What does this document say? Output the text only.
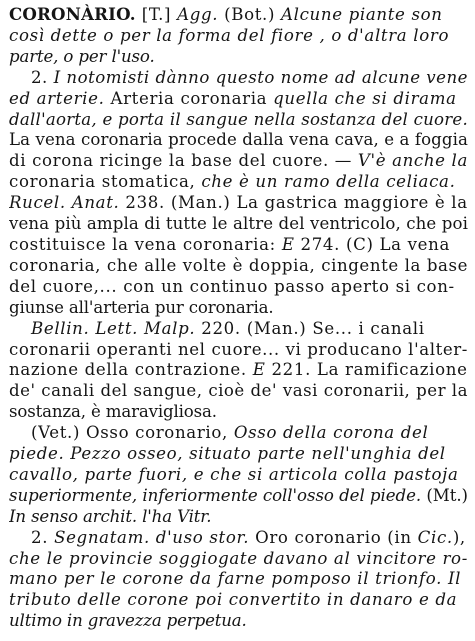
CORONÀRIO. [T.] Agg. (Bot.) Alcune piante son
così dette o per la forma del fiore , o d'altra loro
parte, o per l'uso.
2. I notomisti dànno questo nome ad alcune vene
ed arterie. Arteria coronaria quella che si dirama
dall'aorta, e porta il sangue nella sostanza del cuore.
La vena coronaria procede dalla vena cava, e a foggia
di corona ricinge la base del cuore. — V'è anche la
coronaria stomatica, che è un ramo della celiaca.
Rucel. Anat. 238. (Man.) La gastrica maggiore è la
vena più ampla di tutte le altre del ventricolo, che poi
costituisce la vena coronaria: E 274. (C) La vena
coronaria, che alle volte è doppia, cingente la base
del cuore,... con un continuo passo aperto si con-
giunse all'arteria pur coronaria.
Bellin. Lett. Malp. 220. (Man.) Se... i canali
coronarii operanti nel cuore... vi producano l'alter-
nazione della contrazione. E 221. La ramificazione
de' canali del sangue, cioè de' vasi coronarii, per la
sostanza, è maravigliosa.
(Vet.) Osso coronario, Osso della corona del
piede. Pezzo osseo, situato parte nell'unghia del
cavallo, parte fuori, e che si articola colla pastoja
superiormente, inferiormente coll'osso del piede. (Mt.)
In senso archit. l'ha Vitr.
2. Segnatam. d'uso stor. Oro coronario (in Cic.),
che le provincie soggiogate davano al vincitore ro-
mano per le corone da farne pomposo il trionfo. Il
tributo delle corone poi convertito in danaro e da
ultimo in gravezza perpetua.
